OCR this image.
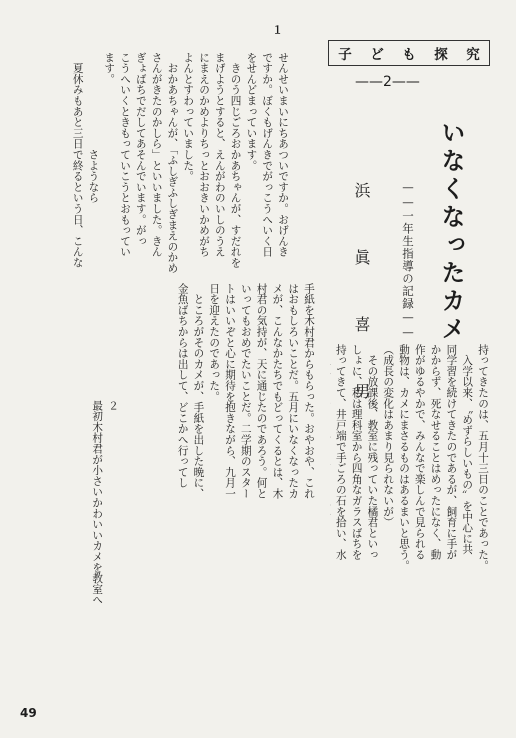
子 ど も 探 究
——2——
いなくなったカメ
——一年生指導の記録——
浜 眞 喜 男

持ってきたのは、五月十三日のことであった。
　入学以来、〝めずらしいもの〟を中心に共
同学習を続けてきたのであるが、飼育に手が
かからず、死なせることはめったになく、動
作がゆるやかで、みんなで楽しんで見られる
動物は、カメにまさるものはあるまいと思う。
（成長の変化はあまり見られないが）
　その放課後、教室に残っていた橘君といっ
しょに、私は理科室から四角なガラスばちを
持ってきて、井戸端で手ごろの石を拾い、水

手紙を木村君からもらった。おやおや、これ
はおもしろいことだ。五月にいなくなったカ
メが、こんなかたちでもどってくるとは、木
村君の気持が、天に通じたのであろう。何と
いってもおめでたいことだ。二学期のスター
トはいいぞと心に期待を抱きながら、九月一
日を迎えたのであった。
　ところがそのカメが、手紙を出した晩に、
金魚ばちからは出して、どこかへ行ってし

１

せんせいまいにちあついですか。おげんき
ですか。ぼくもげんきでがっこうへいく日
をせんどまっています。
　きのう四じごろおかあちゃんが、すだれを
まげようとすると、えんがわのいしのうえ
にまえのかめよりちっとおおきいかめがち
よんとすわっていました。
　おかあちゃんが、「ふしぎふしぎまえのかめ
さんがきたのかしら」といいました。きん
ぎょばちでだしてあそんでいます。がっ
こうへいくときもっていこうとおもってい
ます。
　　　　　　　　　さようなら
　夏休みもあと三日で終るという日、こんな

２
最初木村君が小さいかわいいカメを教室へ

49
